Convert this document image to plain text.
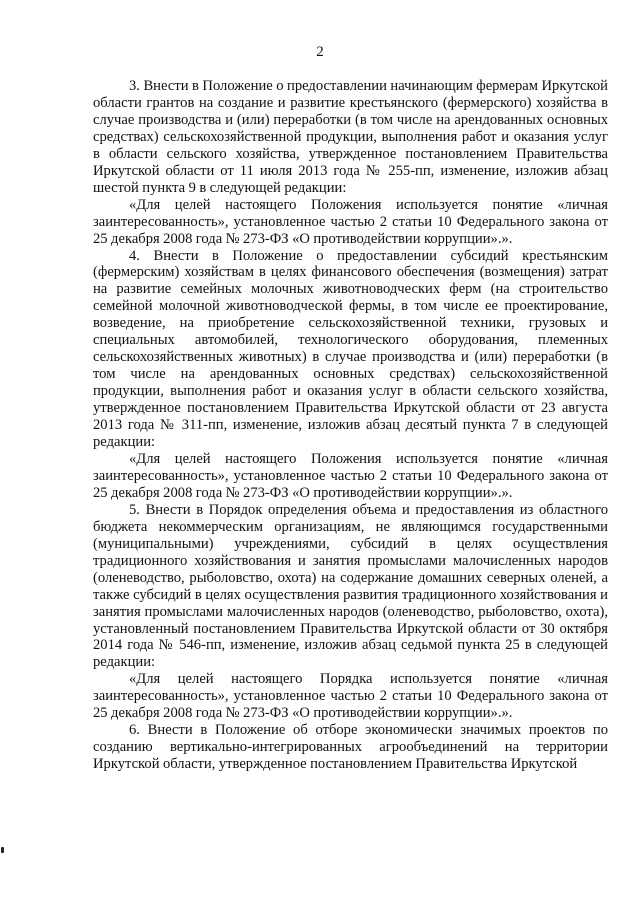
2

3. Внести в Положение о предоставлении начинающим фермерам Иркутской области грантов на создание и развитие крестьянского (фермерского) хозяйства в случае производства и (или) переработки (в том числе на арендованных основных средствах) сельскохозяйственной продукции, выполнения работ и оказания услуг в области сельского хозяйства, утвержденное постановлением Правительства Иркутской области от 11 июля 2013 года № 255-пп, изменение, изложив абзац шестой пункта 9 в следующей редакции:

«Для целей настоящего Положения используется понятие «личная заинтересованность», установленное частью 2 статьи 10 Федерального закона от 25 декабря 2008 года № 273-ФЗ «О противодействии коррупции».».

4. Внести в Положение о предоставлении субсидий крестьянским (фермерским) хозяйствам в целях финансового обеспечения (возмещения) затрат на развитие семейных молочных животноводческих ферм (на строительство семейной молочной животноводческой фермы, в том числе ее проектирование, возведение, на приобретение сельскохозяйственной техники, грузовых и специальных автомобилей, технологического оборудования, племенных сельскохозяйственных животных) в случае производства и (или) переработки (в том числе на арендованных основных средствах) сельскохозяйственной продукции, выполнения работ и оказания услуг в области сельского хозяйства, утвержденное постановлением Правительства Иркутской области от 23 августа 2013 года № 311-пп, изменение, изложив абзац десятый пункта 7 в следующей редакции:

«Для целей настоящего Положения используется понятие «личная заинтересованность», установленное частью 2 статьи 10 Федерального закона от 25 декабря 2008 года № 273-ФЗ «О противодействии коррупции».».

5. Внести в Порядок определения объема и предоставления из областного бюджета некоммерческим организациям, не являющимся государственными (муниципальными) учреждениями, субсидий в целях осуществления традиционного хозяйствования и занятия промыслами малочисленных народов (оленеводство, рыболовство, охота) на содержание домашних северных оленей, а также субсидий в целях осуществления развития традиционного хозяйствования и занятия промыслами малочисленных народов (оленеводство, рыболовство, охота), установленный постановлением Правительства Иркутской области от 30 октября 2014 года № 546-пп, изменение, изложив абзац седьмой пункта 25 в следующей редакции:

«Для целей настоящего Порядка используется понятие «личная заинтересованность», установленное частью 2 статьи 10 Федерального закона от 25 декабря 2008 года № 273-ФЗ «О противодействии коррупции».».

6. Внести в Положение об отборе экономически значимых проектов по созданию вертикально-интегрированных агрообъединений на территории Иркутской области, утвержденное постановлением Правительства Иркутской
